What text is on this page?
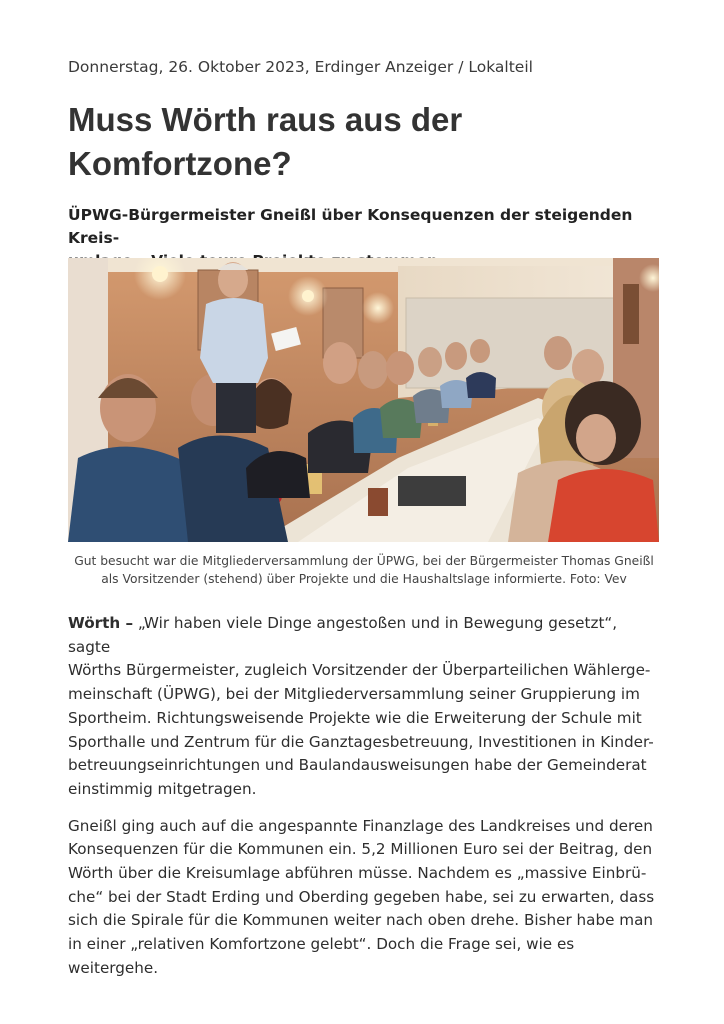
Donnerstag, 26. Oktober 2023, Erdinger Anzeiger / Lokalteil

Muss Wörth raus aus der
Komfortzone?
ÜPWG-Bürgermeister Gneißl über Konsequenzen der steigenden Kreis-

Gut besucht war die Mitgliederversammlung der ÜPWG, bei der Bürgermeister Thomas Gneißl
als Vorsitzender (stehend) über Projekte und die Haushaltslage informierte. Foto: Vev

Wörth – „Wir haben viele Dinge angestoßen und in Bewegung gesetzt“, sagte
Wörths Bürgermeister, zugleich Vorsitzender der Überparteilichen Wählerge-
meinschaft (ÜPWG), bei der Mitgliederversammlung seiner Gruppierung im
Sportheim. Richtungsweisende Projekte wie die Erweiterung der Schule mit
Sporthalle und Zentrum für die Ganztagesbetreuung, Investitionen in Kinder-
betreuungseinrichtungen und Baulandausweisungen habe der Gemeinderat
einstimmig mitgetragen.

Gneißl ging auch auf die angespannte Finanzlage des Landkreises und deren
Konsequenzen für die Kommunen ein. 5,2 Millionen Euro sei der Beitrag, den
Wörth über die Kreisumlage abführen müsse. Nachdem es „massive Einbrü-
che“ bei der Stadt Erding und Oberding gegeben habe, sei zu erwarten, dass
sich die Spirale für die Kommunen weiter nach oben drehe. Bisher habe man
in einer „relativen Komfortzone gelebt“. Doch die Frage sei, wie es
weitergehe.
